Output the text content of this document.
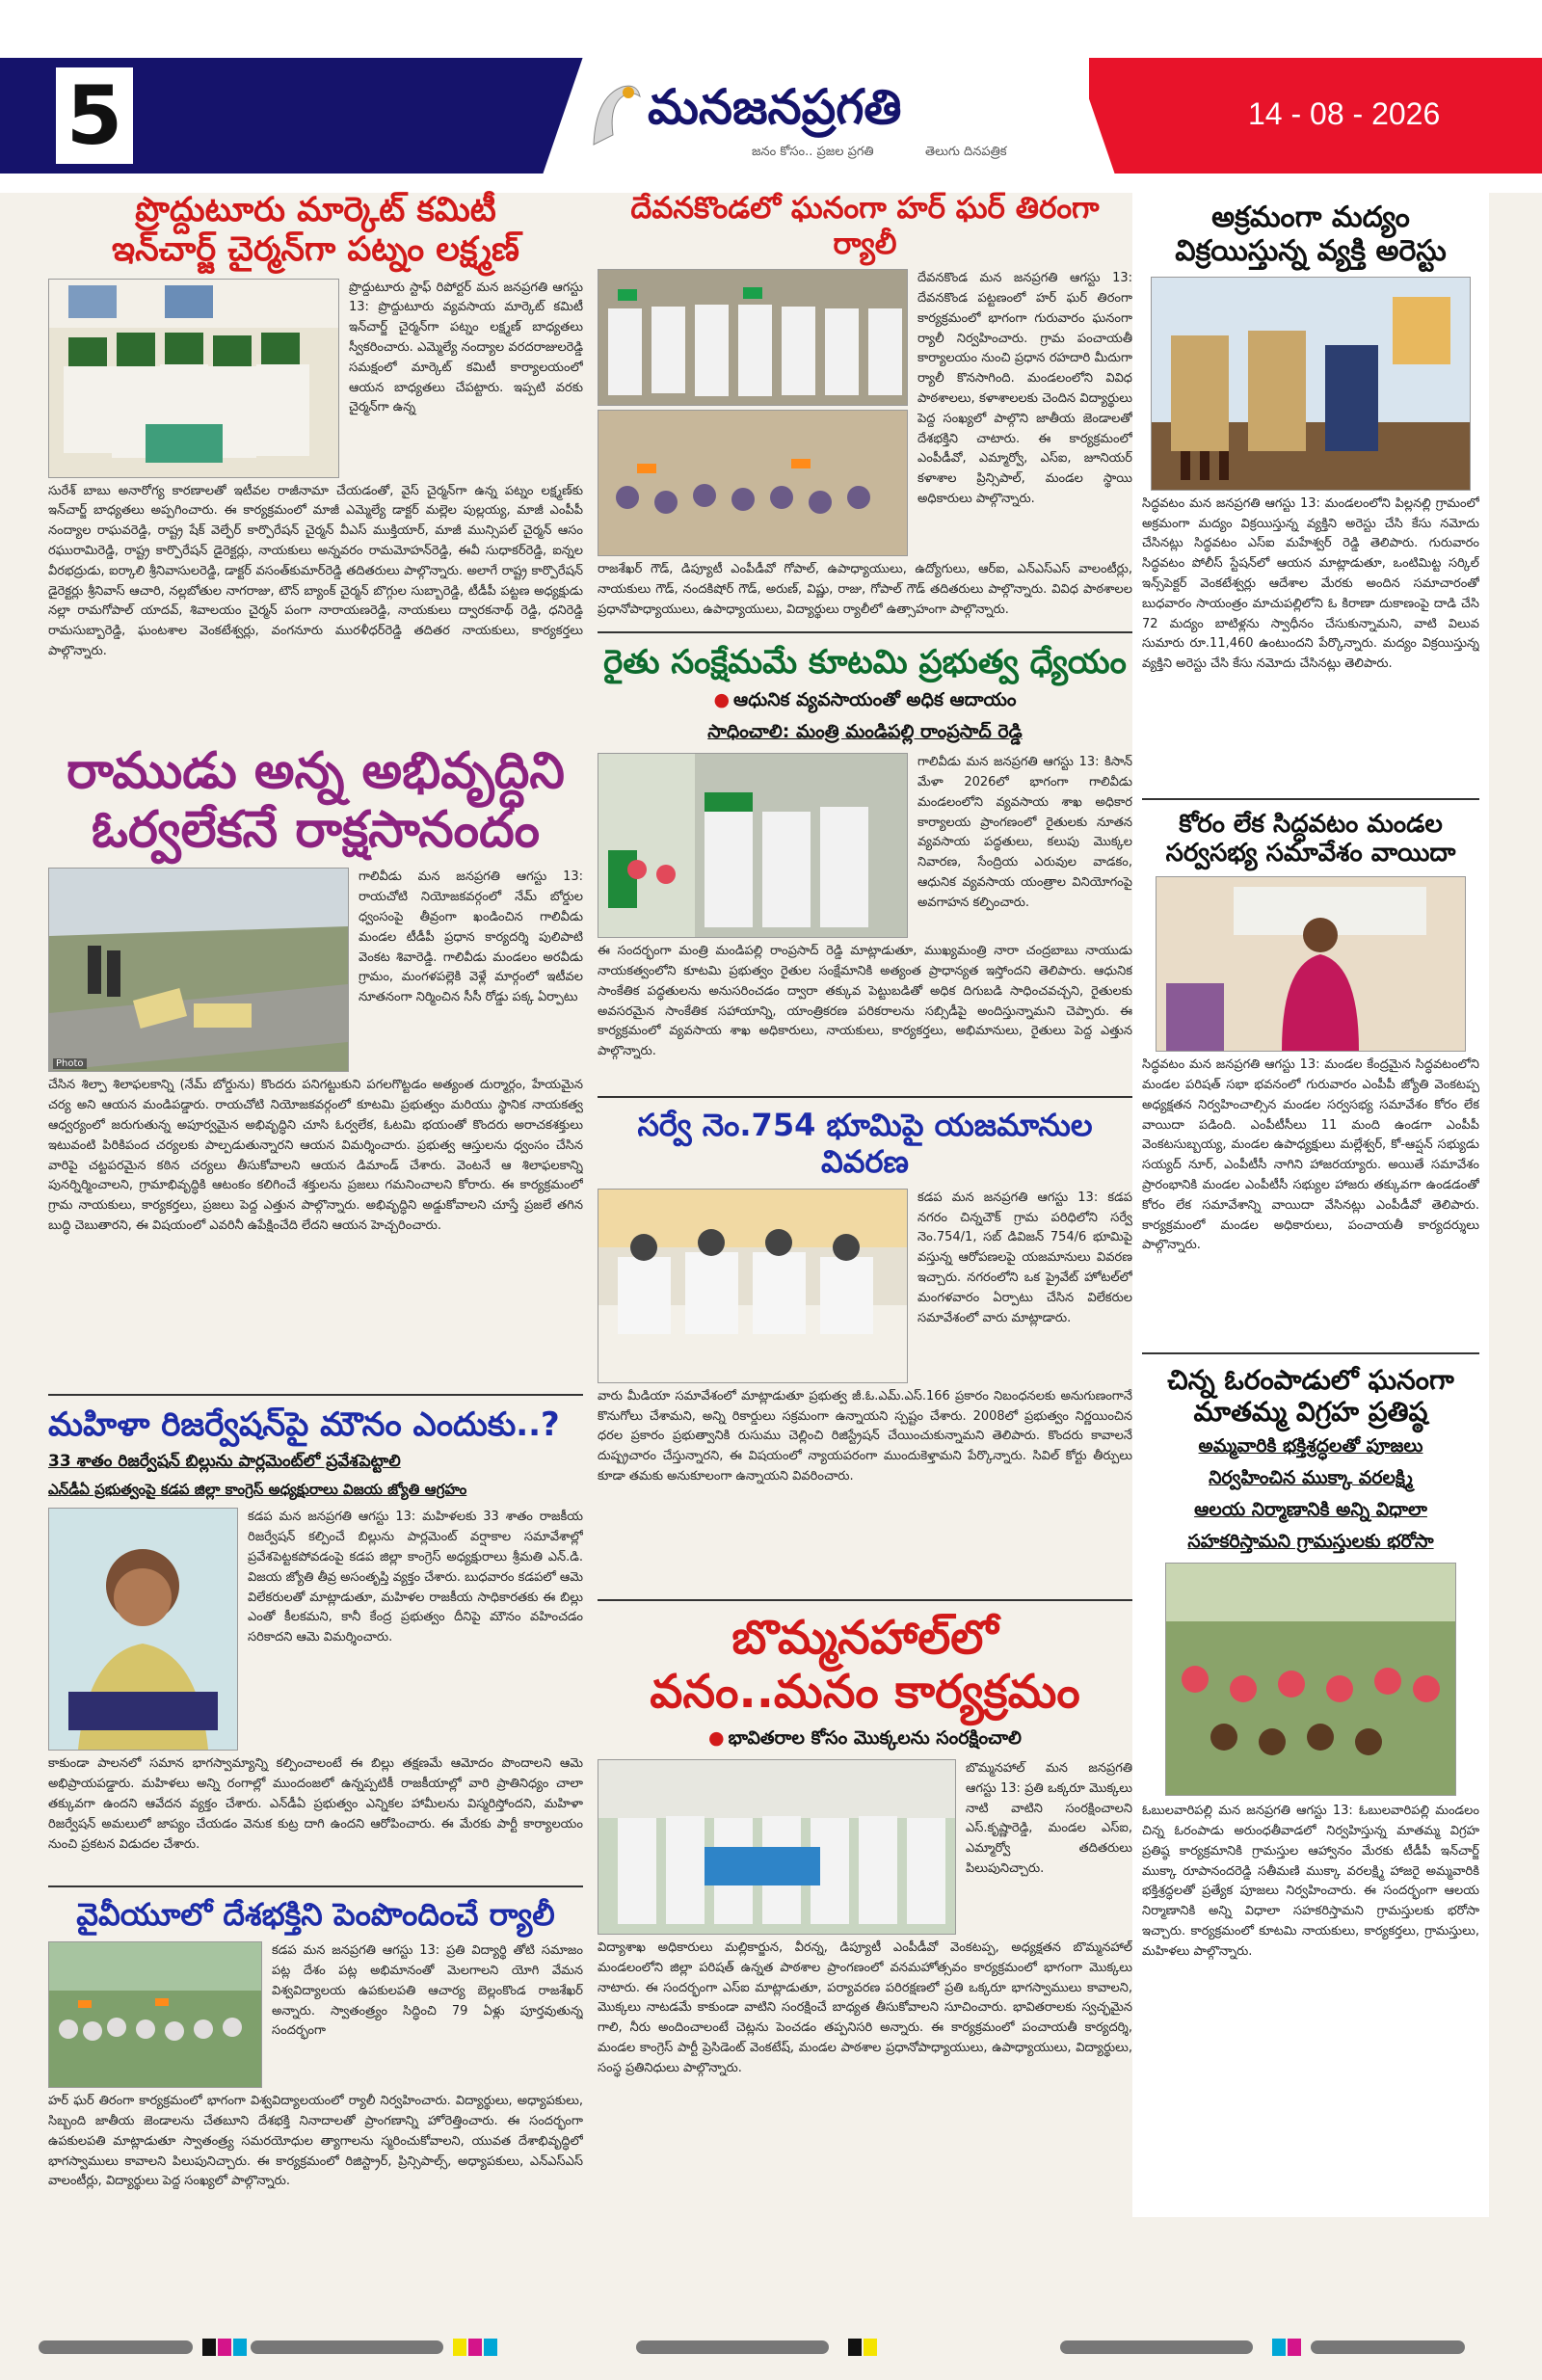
5	మనజనప్రగతి
జనం కోసం.. ప్రజల ప్రగతి	తెలుగు దినపత్రిక
14 - 08 - 2026
ప్రొద్దుటూరు మార్కెట్ కమిటీ
ఇన్‌చార్జ్ చైర్మన్‌గా పట్నం లక్ష్మణ్
ప్రొద్దుటూరు స్టాఫ్ రిపోర్టర్ మన జనప్రగతి ఆగస్టు 13: ప్రొద్దుటూరు వ్యవసాయ మార్కెట్ కమిటీ ఇన్‌చార్జ్ చైర్మన్‌గా పట్నం లక్ష్మణ్ బాధ్యతలు స్వీకరించారు. ఎమ్మెల్యే నంద్యాల వరదరాజులరెడ్డి సమక్షంలో మార్కెట్ కమిటీ కార్యాలయంలో ఆయన బాధ్యతలు చేపట్టారు. ఇప్పటి వరకు చైర్మన్‌గా ఉన్న
సురేశ్ బాబు అనారోగ్య కారణాలతో ఇటీవల రాజీనామా చేయడంతో, వైస్ చైర్మన్‌గా ఉన్న పట్నం లక్ష్మణ్‌కు ఇన్‌చార్జ్ బాధ్యతలు అప్పగించారు. ఈ కార్యక్రమంలో మాజీ ఎమ్మెల్యే డాక్టర్ మల్లెల పుల్లయ్య, మాజీ ఎంపీపీ నంద్యాల రాఘవరెడ్డి, రాష్ట్ర షేక్ వెల్ఫేర్ కార్పొరేషన్ చైర్మన్ వీఎస్ ముక్తియార్, మాజీ మున్సిపల్ చైర్మన్ ఆసం రఘురామిరెడ్డి, రాష్ట్ర కార్పొరేషన్ డైరెక్టర్లు, నాయకులు అన్నవరం రామమోహన్‌రెడ్డి, ఈవీ సుధాకర్‌రెడ్డి, ఐన్నల వీరభద్రుడు, ఐర్కాలి శ్రీనివాసులరెడ్డి, డాక్టర్ వసంత్‌కుమార్‌రెడ్డి తదితరులు పాల్గొన్నారు. అలాగే రాష్ట్ర కార్పొరేషన్ డైరెక్టర్లు శ్రీనివాస్ ఆచారి, నల్లబోతుల నాగరాజు, టౌన్ బ్యాంక్ చైర్మన్ బొగ్గుల సుబ్బారెడ్డి, టీడీపీ పట్టణ అధ్యక్షుడు నల్లా రామగోపాల్ యాదవ్, శివాలయం చైర్మన్ పంగా నారాయణరెడ్డి, నాయకులు ద్వారకనాథ్ రెడ్డి, ధనిరెడ్డి రామసుబ్బారెడ్డి, ఘంటశాల వెంకటేశ్వర్లు, వంగనూరు మురళీధర్‌రెడ్డి తదితర నాయకులు, కార్యకర్తలు పాల్గొన్నారు.
రాముడు అన్న అభివృద్ధిని
ఓర్వలేకనే రాక్షసానందం
Photo
గాలివీడు మన జనప్రగతి ఆగస్టు 13: రాయచోటి నియోజకవర్గంలో నేమ్ బోర్డుల ధ్వంసంపై తీవ్రంగా ఖండించిన గాలివీడు మండల టీడీపీ ప్రధాన కార్యదర్శి పులిపాటి వెంకట శివారెడ్డి. గాలివీడు మండలం అరవీడు గ్రామం, మంగళపల్లెకి వెళ్లే మార్గంలో ఇటీవల నూతనంగా నిర్మించిన సీసీ రోడ్డు పక్క ఏర్పాటు
చేసిన శిల్పా శిలాఫలకాన్ని (నేమ్ బోర్డును) కొందరు పనిగట్టుకుని పగలగొట్టడం అత్యంత దుర్మార్గం, హేయమైన చర్య అని ఆయన మండిపడ్డారు. రాయచోటి నియోజకవర్గంలో కూటమి ప్రభుత్వం మరియు స్థానిక నాయకత్వ ఆధ్వర్యంలో జరుగుతున్న అపూర్వమైన అభివృద్ధిని చూసి ఓర్వలేక, ఓటమి భయంతో కొందరు అరాచకశక్తులు ఇటువంటి పిరికిపంద చర్యలకు పాల్పడుతున్నారని ఆయన విమర్శించారు. ప్రభుత్వ ఆస్తులను ధ్వంసం చేసిన వారిపై చట్టపరమైన కఠిన చర్యలు తీసుకోవాలని ఆయన డిమాండ్ చేశారు. వెంటనే ఆ శిలాఫలకాన్ని పునర్నిర్మించాలని, గ్రామాభివృద్ధికి ఆటంకం కలిగించే శక్తులను ప్రజలు గమనించాలని కోరారు. ఈ కార్యక్రమంలో గ్రామ నాయకులు, కార్యకర్తలు, ప్రజలు పెద్ద ఎత్తున పాల్గొన్నారు. అభివృద్ధిని అడ్డుకోవాలని చూస్తే ప్రజలే తగిన బుద్ధి చెబుతారని, ఈ విషయంలో ఎవరినీ ఉపేక్షించేది లేదని ఆయన హెచ్చరించారు.
మహిళా రిజర్వేషన్‌పై మౌనం ఎందుకు..?
33 శాతం రిజర్వేషన్ బిల్లును పార్లమెంట్‌లో ప్రవేశపెట్టాలి
ఎన్‌డీఏ ప్రభుత్వంపై కడప జిల్లా కాంగ్రెస్ అధ్యక్షురాలు విజయ జ్యోతి ఆగ్రహం
కడప మన జనప్రగతి ఆగస్టు 13: మహిళలకు 33 శాతం రాజకీయ రిజర్వేషన్ కల్పించే బిల్లును పార్లమెంట్ వర్షాకాల సమావేశాల్లో ప్రవేశపెట్టకపోవడంపై కడప జిల్లా కాంగ్రెస్ అధ్యక్షురాలు శ్రీమతి ఎన్.డి. విజయ జ్యోతి తీవ్ర అసంతృప్తి వ్యక్తం చేశారు. బుధవారం కడపలో ఆమె విలేకరులతో మాట్లాడుతూ, మహిళల రాజకీయ సాధికారతకు ఈ బిల్లు ఎంతో కీలకమని, కానీ కేంద్ర ప్రభుత్వం దీనిపై మౌనం వహించడం సరికాదని ఆమె విమర్శించారు.
కాకుండా పాలనలో సమాన భాగస్వామ్యాన్ని కల్పించాలంటే ఈ బిల్లు తక్షణమే ఆమోదం పొందాలని ఆమె అభిప్రాయపడ్డారు. మహిళలు అన్ని రంగాల్లో ముందంజలో ఉన్నప్పటికీ రాజకీయాల్లో వారి ప్రాతినిధ్యం చాలా తక్కువగా ఉందని ఆవేదన వ్యక్తం చేశారు. ఎన్‌డీఏ ప్రభుత్వం ఎన్నికల హామీలను విస్మరిస్తోందని, మహిళా రిజర్వేషన్ అమలులో జాప్యం చేయడం వెనుక కుట్ర దాగి ఉందని ఆరోపించారు. ఈ మేరకు పార్టీ కార్యాలయం నుంచి ప్రకటన విడుదల చేశారు.
వైవీయూలో దేశభక్తిని పెంపొందించే ర్యాలీ
కడప మన జనప్రగతి ఆగస్టు 13: ప్రతి విద్యార్థి తోటి సమాజం పట్ల దేశం పట్ల అభిమానంతో మెలగాలని యోగి వేమన విశ్వవిద్యాలయ ఉపకులపతి ఆచార్య బెల్లంకొండ రాజశేఖర్ అన్నారు. స్వాతంత్ర్యం సిద్ధించి 79 ఏళ్లు పూర్తవుతున్న సందర్భంగా
హర్ ఘర్ తిరంగా కార్యక్రమంలో భాగంగా విశ్వవిద్యాలయంలో ర్యాలీ నిర్వహించారు. విద్యార్థులు, అధ్యాపకులు, సిబ్బంది జాతీయ జెండాలను చేతబూని దేశభక్తి నినాదాలతో ప్రాంగణాన్ని హోరెత్తించారు. ఈ సందర్భంగా ఉపకులపతి మాట్లాడుతూ స్వాతంత్ర్య సమరయోధుల త్యాగాలను స్మరించుకోవాలని, యువత దేశాభివృద్ధిలో భాగస్వాములు కావాలని పిలుపునిచ్చారు. ఈ కార్యక్రమంలో రిజిస్ట్రార్, ప్రిన్సిపాల్స్, అధ్యాపకులు, ఎన్‌ఎస్‌ఎస్ వాలంటీర్లు, విద్యార్థులు పెద్ద సంఖ్యలో పాల్గొన్నారు.
దేవనకొండలో ఘనంగా హర్ ఘర్ తిరంగా ర్యాలీ
దేవనకొండ మన జనప్రగతి ఆగస్టు 13: దేవనకొండ పట్టణంలో హర్ ఘర్ తిరంగా కార్యక్రమంలో భాగంగా గురువారం ఘనంగా ర్యాలీ నిర్వహించారు. గ్రామ పంచాయతీ కార్యాలయం నుంచి ప్రధాన రహదారి మీదుగా ర్యాలీ కొనసాగింది. మండలంలోని వివిధ పాఠశాలలు, కళాశాలలకు చెందిన విద్యార్థులు పెద్ద సంఖ్యలో పాల్గొని జాతీయ జెండాలతో దేశభక్తిని చాటారు. ఈ కార్యక్రమంలో ఎంపీడీవో, ఎమ్మార్వో, ఎస్ఐ, జూనియర్ కళాశాల ప్రిన్సిపాల్, మండల స్థాయి అధికారులు పాల్గొన్నారు.
రాజశేఖర్ గౌడ్, డిప్యూటీ ఎంపీడీవో గోపాల్, ఉపాధ్యాయులు, ఉద్యోగులు, ఆర్ఐ, ఎన్‌ఎస్‌ఎస్ వాలంటీర్లు, నాయకులు గౌడ్, నందకిషోర్ గౌడ్, అరుణ్, విష్ణు, రాజు, గోపాల్ గౌడ్ తదితరులు పాల్గొన్నారు. వివిధ పాఠశాలల ప్రధానోపాధ్యాయులు, ఉపాధ్యాయులు, విద్యార్థులు ర్యాలీలో ఉత్సాహంగా పాల్గొన్నారు.
రైతు సంక్షేమమే కూటమి ప్రభుత్వ ధ్యేయం
● ఆధునిక వ్యవసాయంతో అధిక ఆదాయం
సాధించాలి: మంత్రి మండిపల్లి రాంప్రసాద్ రెడ్డి
గాలివీడు మన జనప్రగతి ఆగస్టు 13: కిసాన్ మేళా 2026లో భాగంగా గాలివీడు మండలంలోని వ్యవసాయ శాఖ అధికార కార్యాలయ ప్రాంగణంలో రైతులకు నూతన వ్యవసాయ పద్ధతులు, కలుపు మొక్కల నివారణ, సేంద్రియ ఎరువుల వాడకం, ఆధునిక వ్యవసాయ యంత్రాల వినియోగంపై అవగాహన కల్పించారు.
ఈ సందర్భంగా మంత్రి మండిపల్లి రాంప్రసాద్ రెడ్డి మాట్లాడుతూ, ముఖ్యమంత్రి నారా చంద్రబాబు నాయుడు నాయకత్వంలోని కూటమి ప్రభుత్వం రైతుల సంక్షేమానికి అత్యంత ప్రాధాన్యత ఇస్తోందని తెలిపారు. ఆధునిక సాంకేతిక పద్ధతులను అనుసరించడం ద్వారా తక్కువ పెట్టుబడితో అధిక దిగుబడి సాధించవచ్చని, రైతులకు అవసరమైన సాంకేతిక సహాయాన్ని, యాంత్రికరణ పరికరాలను సబ్సిడీపై అందిస్తున్నామని చెప్పారు. ఈ కార్యక్రమంలో వ్యవసాయ శాఖ అధికారులు, నాయకులు, కార్యకర్తలు, అభిమానులు, రైతులు పెద్ద ఎత్తున పాల్గొన్నారు.
సర్వే నెం.754 భూమిపై యజమానుల వివరణ
కడప మన జనప్రగతి ఆగస్టు 13: కడప నగరం చిన్నచౌక్ గ్రామ పరిధిలోని సర్వే నెం.754/1, సబ్ డివిజన్ 754/6 భూమిపై వస్తున్న ఆరోపణలపై యజమానులు వివరణ ఇచ్చారు. నగరంలోని ఒక ప్రైవేట్ హోటల్‌లో మంగళవారం ఏర్పాటు చేసిన విలేకరుల సమావేశంలో వారు మాట్లాడారు.
వారు మీడియా సమావేశంలో మాట్లాడుతూ ప్రభుత్వ జీ.ఓ.ఎమ్.ఎస్.166 ప్రకారం నిబంధనలకు అనుగుణంగానే కొనుగోలు చేశామని, అన్ని రికార్డులు సక్రమంగా ఉన్నాయని స్పష్టం చేశారు. 2008లో ప్రభుత్వం నిర్ణయించిన ధరల ప్రకారం ప్రభుత్వానికి రుసుము చెల్లించి రిజిస్ట్రేషన్ చేయించుకున్నామని తెలిపారు. కొందరు కావాలనే దుష్ప్రచారం చేస్తున్నారని, ఈ విషయంలో న్యాయపరంగా ముందుకెళ్తామని పేర్కొన్నారు. సివిల్ కోర్టు తీర్పులు కూడా తమకు అనుకూలంగా ఉన్నాయని వివరించారు.
బొమ్మనహాల్‌లో
వనం..మనం కార్యక్రమం
● భావితరాల కోసం మొక్కలను సంరక్షించాలి
బొమ్మనహాల్ మన జనప్రగతి ఆగస్టు 13: ప్రతి ఒక్కరూ మొక్కలు నాటి వాటిని సంరక్షించాలని ఎస్.కృష్ణారెడ్డి, మండల ఎస్ఐ, ఎమ్మార్వో తదితరులు పిలుపునిచ్చారు.
విద్యాశాఖ అధికారులు మల్లికార్జున, వీరన్న, డిప్యూటీ ఎంపీడీవో వెంకటప్ప, అధ్యక్షతన బొమ్మనహాల్ మండలంలోని జిల్లా పరిషత్ ఉన్నత పాఠశాల ప్రాంగణంలో వనమహోత్సవం కార్యక్రమంలో భాగంగా మొక్కలు నాటారు. ఈ సందర్భంగా ఎస్ఐ మాట్లాడుతూ, పర్యావరణ పరిరక్షణలో ప్రతి ఒక్కరూ భాగస్వాములు కావాలని, మొక్కలు నాటడమే కాకుండా వాటిని సంరక్షించే బాధ్యత తీసుకోవాలని సూచించారు. భావితరాలకు స్వచ్ఛమైన గాలి, నీరు అందించాలంటే చెట్లను పెంచడం తప్పనిసరి అన్నారు. ఈ కార్యక్రమంలో పంచాయతీ కార్యదర్శి, మండల కాంగ్రెస్ పార్టీ ప్రెసిడెంట్ వెంకటేష్, మండల పాఠశాల ప్రధానోపాధ్యాయులు, ఉపాధ్యాయులు, విద్యార్థులు, సంస్థ ప్రతినిధులు పాల్గొన్నారు.
అక్రమంగా మద్యం
విక్రయిస్తున్న వ్యక్తి అరెస్టు
సిద్ధవటం మన జనప్రగతి ఆగస్టు 13: మండలంలోని పిల్లనల్లి గ్రామంలో అక్రమంగా మద్యం విక్రయిస్తున్న వ్యక్తిని అరెస్టు చేసి కేసు నమోదు చేసినట్లు సిద్ధవటం ఎస్ఐ మహేశ్వర్ రెడ్డి తెలిపారు. గురువారం సిద్ధవటం పోలీస్ స్టేషన్‌లో ఆయన మాట్లాడుతూ, ఒంటిమిట్ట సర్కిల్ ఇన్స్‌పెక్టర్ వెంకటేశ్వర్లు ఆదేశాల మేరకు అందిన సమాచారంతో బుధవారం సాయంత్రం మాచుపల్లిలోని ఓ కిరాణా దుకాణంపై దాడి చేసి 72 మద్యం బాటిళ్లను స్వాధీనం చేసుకున్నామని, వాటి విలువ సుమారు రూ.11,460 ఉంటుందని పేర్కొన్నారు. మద్యం విక్రయిస్తున్న వ్యక్తిని అరెస్టు చేసి కేసు నమోదు చేసినట్లు తెలిపారు.
కోరం లేక సిద్ధవటం మండల
సర్వసభ్య సమావేశం వాయిదా
సిద్ధవటం మన జనప్రగతి ఆగస్టు 13: మండల కేంద్రమైన సిద్ధవటంలోని మండల పరిషత్ సభా భవనంలో గురువారం ఎంపీపీ జ్యోతి వెంకటప్ప అధ్యక్షతన నిర్వహించాల్సిన మండల సర్వసభ్య సమావేశం కోరం లేక వాయిదా పడింది. ఎంపీటీసీలు 11 మంది ఉండగా ఎంపీపీ వెంకటసుబ్బయ్య, మండల ఉపాధ్యక్షులు మల్లేశ్వర్, కో-ఆప్షన్ సభ్యుడు సయ్యద్ నూర్, ఎంపీటీసీ నాగిని హాజరయ్యారు. అయితే సమావేశం ప్రారంభానికి మండల ఎంపీటీసీ సభ్యుల హాజరు తక్కువగా ఉండడంతో కోరం లేక సమావేశాన్ని వాయిదా వేసినట్లు ఎంపీడీవో తెలిపారు. కార్యక్రమంలో మండల అధికారులు, పంచాయతీ కార్యదర్శులు పాల్గొన్నారు.
చిన్న ఓరంపాడులో ఘనంగా
మాతమ్మ విగ్రహ ప్రతిష్ఠ
అమ్మవారికి భక్తిశ్రద్ధలతో పూజలు
నిర్వహించిన ముక్కా వరలక్ష్మి
ఆలయ నిర్మాణానికి అన్ని విధాలా
సహకరిస్తామని గ్రామస్తులకు భరోసా
ఓబులవారిపల్లి మన జనప్రగతి ఆగస్టు 13: ఓబులవారిపల్లి మండలం చిన్న ఓరంపాడు అరుంధతీవాడలో నిర్వహిస్తున్న మాతమ్మ విగ్రహ ప్రతిష్ఠ కార్యక్రమానికి గ్రామస్తుల ఆహ్వానం మేరకు టీడీపీ ఇన్‌చార్జ్ ముక్కా రూపానందరెడ్డి సతీమణి ముక్కా వరలక్ష్మి హాజరై అమ్మవారికి భక్తిశ్రద్ధలతో ప్రత్యేక పూజలు నిర్వహించారు. ఈ సందర్భంగా ఆలయ నిర్మాణానికి అన్ని విధాలా సహకరిస్తామని గ్రామస్తులకు భరోసా ఇచ్చారు. కార్యక్రమంలో కూటమి నాయకులు, కార్యకర్తలు, గ్రామస్తులు, మహిళలు పాల్గొన్నారు.
